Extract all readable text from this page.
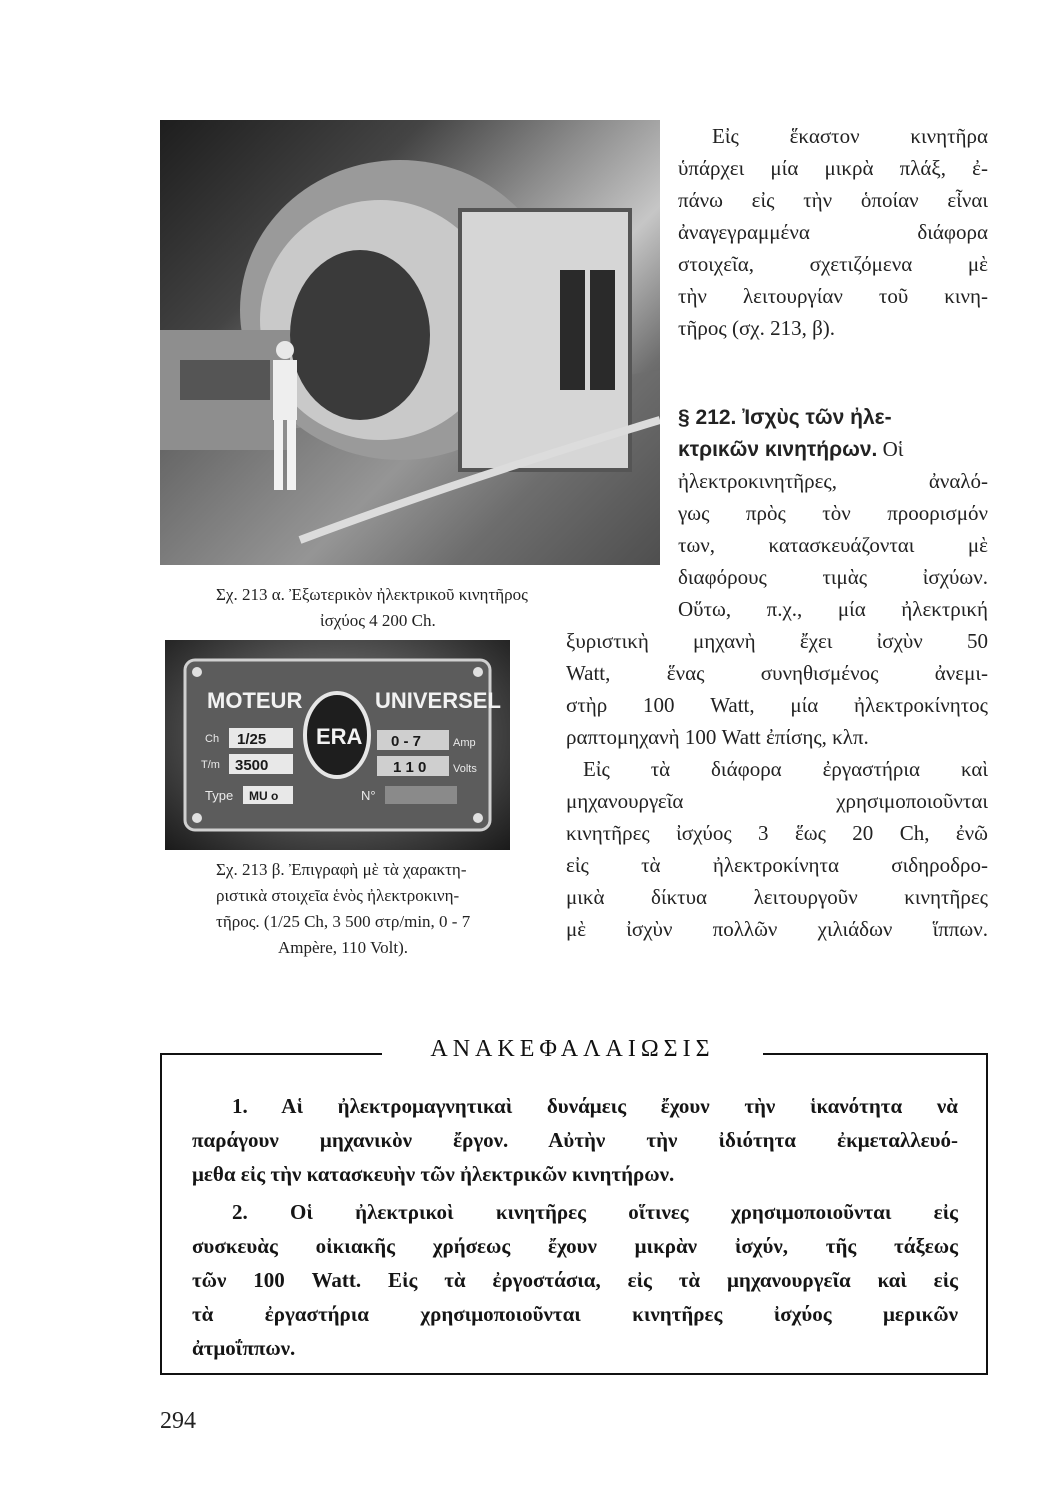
Σχ. 213 α. Ἐξωτερικὸν ἠλεκτρικοῦ κινητῆρος
ἰσχύος 4 200 Ch.
MOTEUR
ERA
UNIVERSEL
Ch 1/25
T/m 3500
0 - 7	Amp
1 1 0 Volts
Type MU o	N°
Σχ. 213 β. Ἐπιγραφὴ μὲ τὰ χαρακτη-
ριστικὰ στοιχεῖα ἑνὸς ἠλεκτροκινη-
τῆρος. (1/25 Ch, 3 500 στρ/min, 0 - 7
Ampère, 110 Volt).
Εἰς ἕκαστον κινητῆρα
ὑπάρχει μία μικρὰ πλάξ, ἐ-
πάνω εἰς τὴν ὁποίαν εἶναι
ἀναγεγραμμένα διάφορα
στοιχεῖα, σχετιζόμενα μὲ
τὴν λειτουργίαν τοῦ κινη-
τῆρος (σχ. 213, β).
§ 212. Ἰσχὺς τῶν ἠλε-
κτρικῶν κινητήρων. Οἱ
ἠλεκτροκινητῆρες, ἀναλό-
γως πρὸς τὸν προορισμόν
των, κατασκευάζονται μὲ
διαφόρους τιμὰς ἰσχύων.
Οὕτω, π.χ., μία ἠλεκτρική
ξυριστικὴ μηχανὴ ἔχει ἰσχὺν 50
Watt, ἕνας συνηθισμένος ἀνεμι-
στὴρ 100 Watt, μία ἠλεκτροκίνητος
ραπτομηχανὴ 100 Watt ἐπίσης, κλπ.
Εἰς τὰ διάφορα ἐργαστήρια καὶ
μηχανουργεῖα χρησιμοποιοῦνται
κινητῆρες ἰσχύος 3 ἕως 20 Ch, ἐνῶ
εἰς τὰ ἠλεκτροκίνητα σιδηροδρο-
μικὰ δίκτυα λειτουργοῦν κινητῆρες
μὲ ἰσχὺν πολλῶν χιλιάδων ἵππων.
ΑΝΑΚΕΦΑΛΑΙΩΣΙΣ
1. Αἱ ἠλεκτρομαγνητικαὶ δυνάμεις ἔχουν τὴν ἱκανότητα νὰ
παράγουν μηχανικὸν ἔργον. Αὐτὴν τὴν ἰδιότητα ἐκμεταλλευό-
μεθα εἰς τὴν κατασκευὴν τῶν ἠλεκτρικῶν κινητήρων.
2. Οἱ ἠλεκτρικοὶ κινητῆρες οἵτινες χρησιμοποιοῦνται εἰς
συσκευὰς οἰκιακῆς χρήσεως ἔχουν μικρὰν ἰσχύν, τῆς τάξεως
τῶν 100 Watt. Εἰς τὰ ἐργοστάσια, εἰς τὰ μηχανουργεῖα καὶ εἰς
τὰ ἐργαστήρια χρησιμοποιοῦνται κινητῆρες ἰσχύος μερικῶν
ἀτμοΐππων.
294
